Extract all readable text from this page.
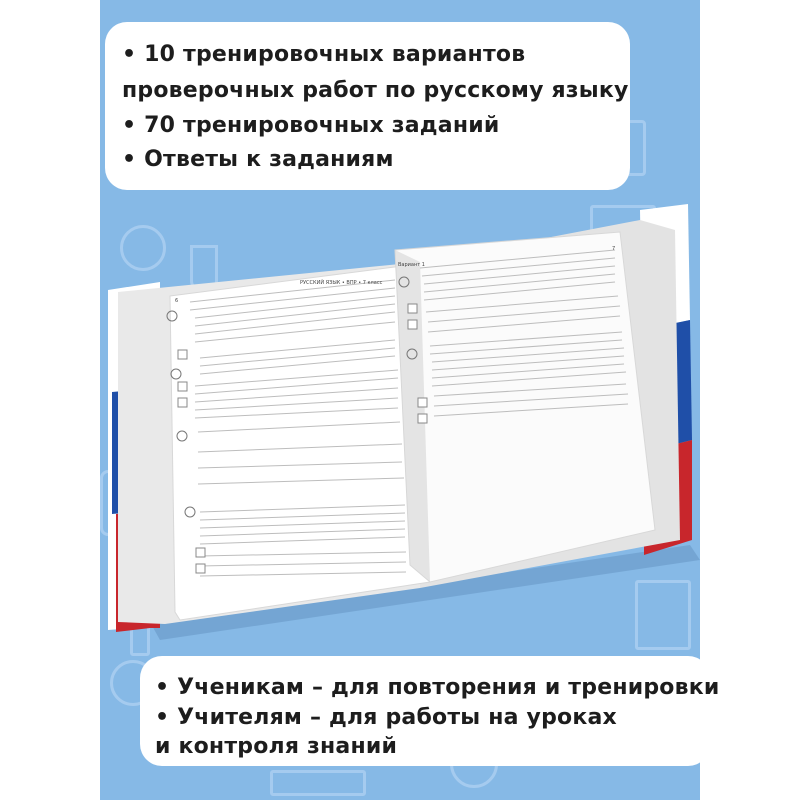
• 10 тренировочных вариантов
проверочных работ по русскому языку
• 70 тренировочных заданий
• Ответы к заданиям
РУССКИЙ ЯЗЫК • ВПР • 7 класс
Вариант 1
6
7
• Ученикам – для повторения и тренировки
• Учителям – для работы на уроках
и контроля знаний
